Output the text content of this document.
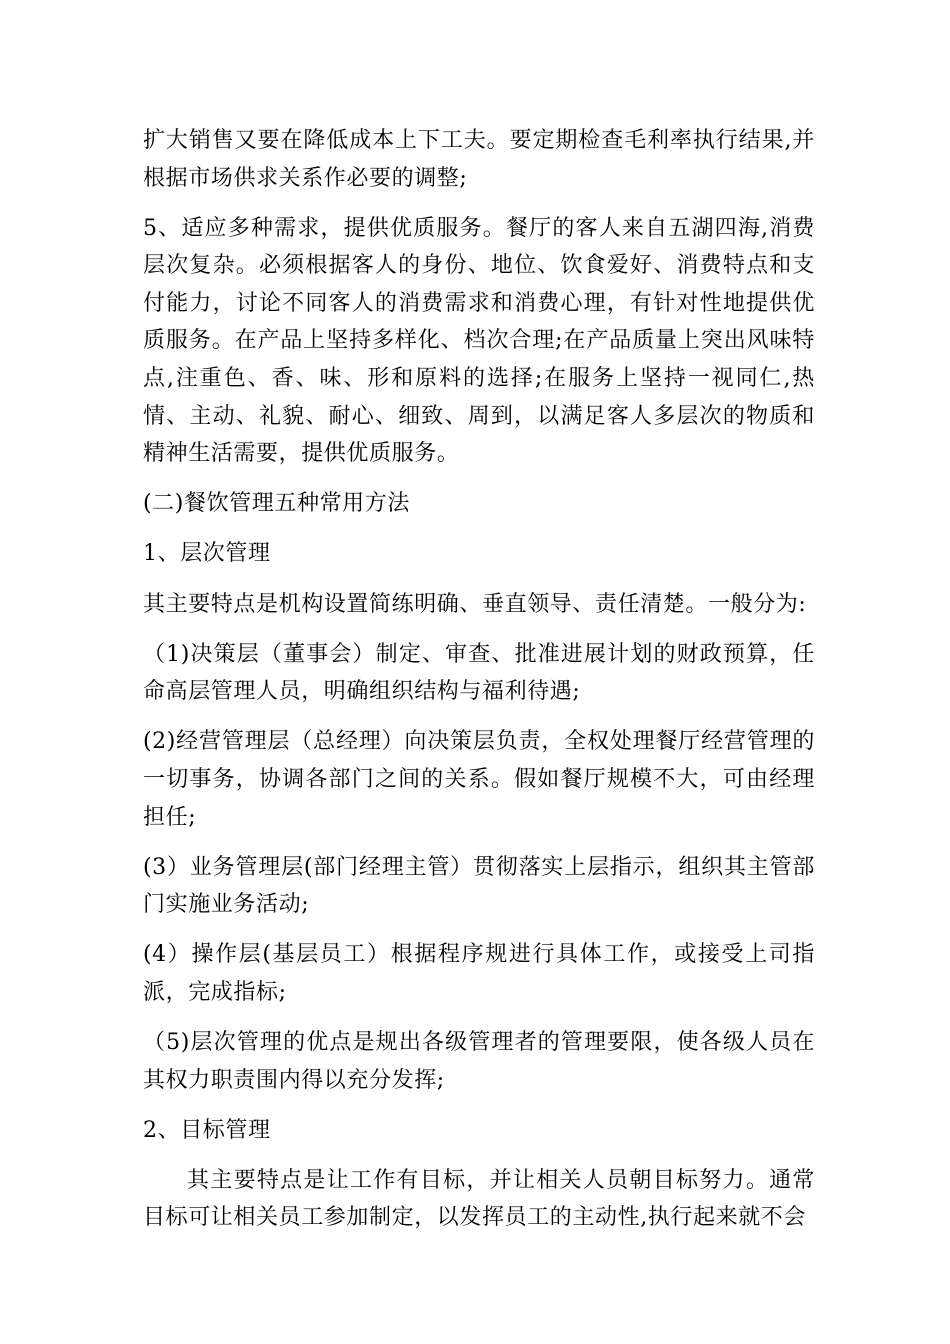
扩大销售又要在降低成本上下工夫。要定期检查毛利率执行结果,并根据市场供求关系作必要的调整;

5、适应多种需求，提供优质服务。餐厅的客人来自五湖四海,消费层次复杂。必须根据客人的身份、地位、饮食爱好、消费特点和支付能力，讨论不同客人的消费需求和消费心理，有针对性地提供优质服务。在产品上坚持多样化、档次合理;在产品质量上突出风味特点,注重色、香、味、形和原料的选择;在服务上坚持一视同仁,热情、主动、礼貌、耐心、细致、周到，以满足客人多层次的物质和精神生活需要，提供优质服务。

(二)餐饮管理五种常用方法

1、层次管理

其主要特点是机构设置简练明确、垂直领导、责任清楚。一般分为:

（1)决策层（董事会）制定、审查、批准进展计划的财政预算，任命高层管理人员，明确组织结构与福利待遇;

(2)经营管理层（总经理）向决策层负责，全权处理餐厅经营管理的一切事务，协调各部门之间的关系。假如餐厅规模不大，可由经理担任;

(3）业务管理层(部门经理主管）贯彻落实上层指示，组织其主管部门实施业务活动;

(4）操作层(基层员工）根据程序规进行具体工作，或接受上司指派，完成指标;

（5)层次管理的优点是规出各级管理者的管理要限，使各级人员在其权力职责围内得以充分发挥;

2、目标管理

其主要特点是让工作有目标，并让相关人员朝目标努力。通常目标可让相关员工参加制定，以发挥员工的主动性,执行起来就不会
